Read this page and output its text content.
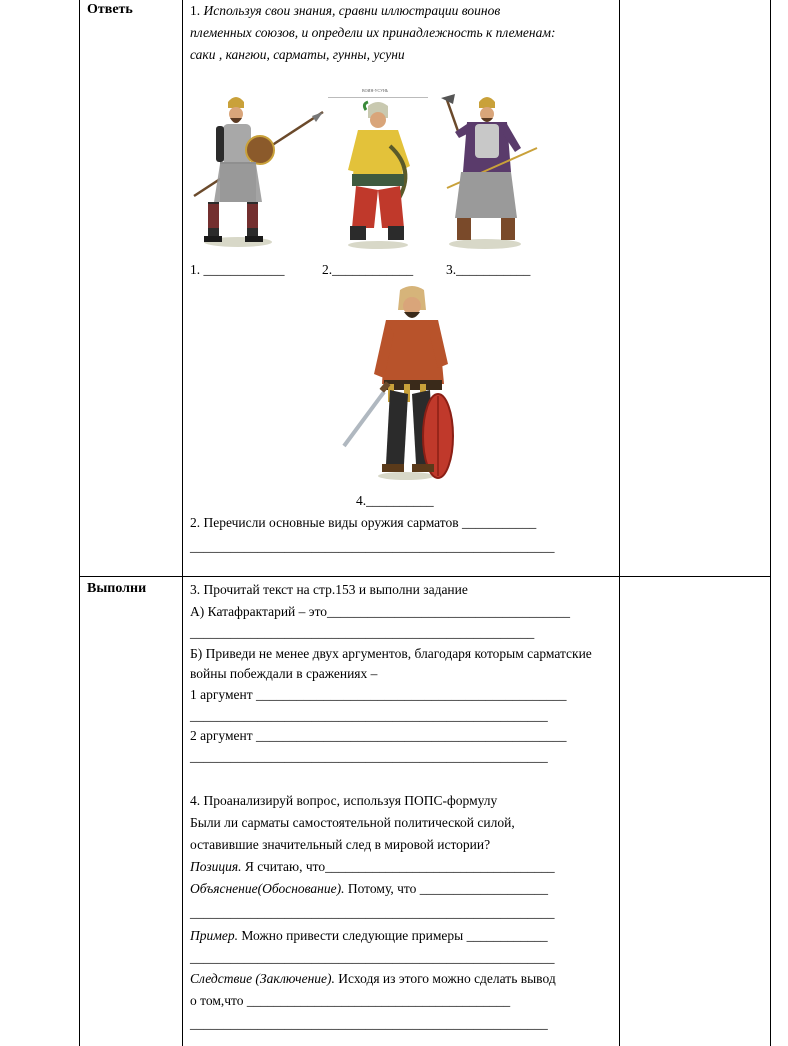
Ответь	1. Используя свои знания, сравни иллюстрации воинов
племенных союзов, и определи их принадлежность к племенам:
саки , кангюи, сарматы, гунны, усуни
ВОИН-УСУНЬ
1. ____________	2.____________ 3.___________
4.__________
2. Перечисли основные виды оружия сарматов ___________
______________________________________________________
Выполни	3. Прочитай текст на стр.153 и выполни задание
А) Катафрактарий – это____________________________________
___________________________________________________
Б) Приведи не менее двух аргументов, благодаря которым сарматские
войны побеждали в сражениях –
1 аргумент ______________________________________________
_____________________________________________________
2 аргумент ______________________________________________
_____________________________________________________
4. Проанализируй вопрос, используя ПОПС-формулу
Были ли сарматы самостоятельной политической силой,
оставившие значительный след в мировой истории?
Позиция. Я считаю, что__________________________________
Объяснение(Обоснование). Потому, что ___________________
______________________________________________________
Пример. Можно привести следующие примеры ____________
______________________________________________________
Следствие (Заключение). Исходя из этого можно сделать вывод
о том,что _______________________________________
_____________________________________________________
